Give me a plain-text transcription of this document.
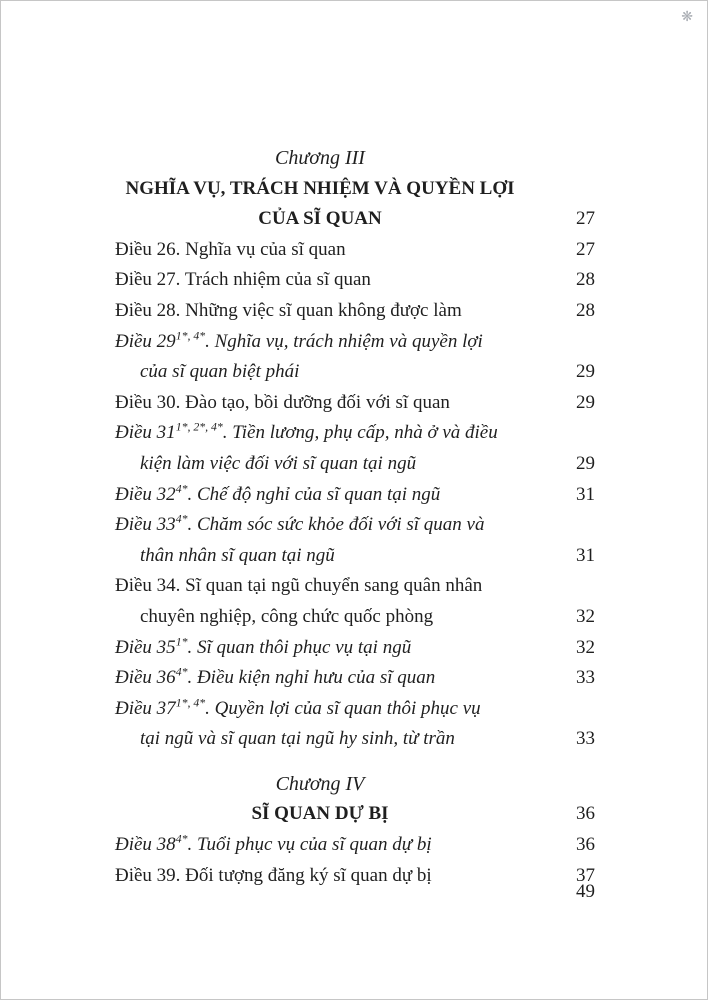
❋
Chương III
NGHĨA VỤ, TRÁCH NHIỆM VÀ QUYỀN LỢI
CỦA SĨ QUAN	27
Điều 26. Nghĩa vụ của sĩ quan	27
Điều 27. Trách nhiệm của sĩ quan	28
Điều 28. Những việc sĩ quan không được làm	28
Điều $29^{1*, 4*}$. Nghĩa vụ, trách nhiệm và quyền lợi
của sĩ quan biệt phái	29
Điều 30. Đào tạo, bồi dưỡng đối với sĩ quan	29
Điều $31^{1*, 2*, 4*}$. Tiền lương, phụ cấp, nhà ở và điều
kiện làm việc đối với sĩ quan tại ngũ	29
Điều $32^{4*}$. Chế độ nghỉ của sĩ quan tại ngũ	31
Điều $33^{4*}$. Chăm sóc sức khỏe đối với sĩ quan và
thân nhân sĩ quan tại ngũ	31
Điều 34. Sĩ quan tại ngũ chuyển sang quân nhân
chuyên nghiệp, công chức quốc phòng	32
Điều $35^{1*}$. Sĩ quan thôi phục vụ tại ngũ	32
Điều $36^{4*}$. Điều kiện nghỉ hưu của sĩ quan	33
Điều $37^{1*, 4*}$. Quyền lợi của sĩ quan thôi phục vụ
tại ngũ và sĩ quan tại ngũ hy sinh, từ trần	33
Chương IV
SĨ QUAN DỰ BỊ	36
Điều $38^{4*}$. Tuổi phục vụ của sĩ quan dự bị	36
Điều 39. Đối tượng đăng ký sĩ quan dự bị	37
49
